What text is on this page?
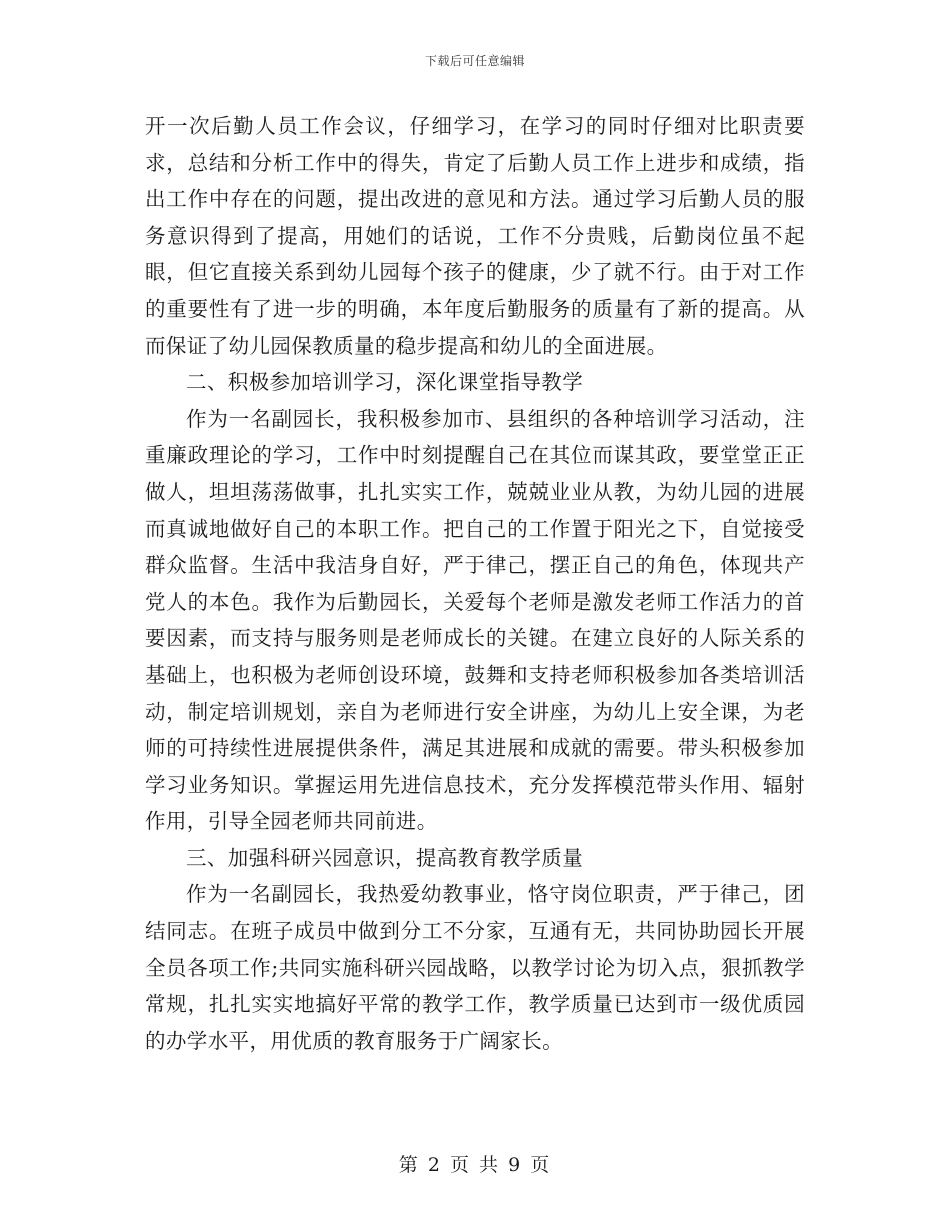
下载后可任意编辑

开一次后勤人员工作会议，仔细学习，在学习的同时仔细对比职责要求，总结和分析工作中的得失，肯定了后勤人员工作上进步和成绩，指出工作中存在的问题，提出改进的意见和方法。通过学习后勤人员的服务意识得到了提高，用她们的话说，工作不分贵贱，后勤岗位虽不起眼，但它直接关系到幼儿园每个孩子的健康，少了就不行。由于对工作的重要性有了进一步的明确，本年度后勤服务的质量有了新的提高。从而保证了幼儿园保教质量的稳步提高和幼儿的全面进展。

二、积极参加培训学习，深化课堂指导教学

作为一名副园长，我积极参加市、县组织的各种培训学习活动，注重廉政理论的学习，工作中时刻提醒自己在其位而谋其政，要堂堂正正做人，坦坦荡荡做事，扎扎实实工作，兢兢业业从教，为幼儿园的进展而真诚地做好自己的本职工作。把自己的工作置于阳光之下，自觉接受群众监督。生活中我洁身自好，严于律己，摆正自己的角色，体现共产党人的本色。我作为后勤园长，关爱每个老师是激发老师工作活力的首要因素，而支持与服务则是老师成长的关键。在建立良好的人际关系的基础上，也积极为老师创设环境，鼓舞和支持老师积极参加各类培训活动，制定培训规划，亲自为老师进行安全讲座，为幼儿上安全课，为老师的可持续性进展提供条件，满足其进展和成就的需要。带头积极参加学习业务知识。掌握运用先进信息技术，充分发挥模范带头作用、辐射作用，引导全园老师共同前进。

三、加强科研兴园意识，提高教育教学质量

作为一名副园长，我热爱幼教事业，恪守岗位职责，严于律己，团结同志。在班子成员中做到分工不分家，互通有无，共同协助园长开展全员各项工作;共同实施科研兴园战略，以教学讨论为切入点，狠抓教学常规，扎扎实实地搞好平常的教学工作，教学质量已达到市一级优质园的办学水平，用优质的教育服务于广阔家长。

第 2 页 共 9 页
